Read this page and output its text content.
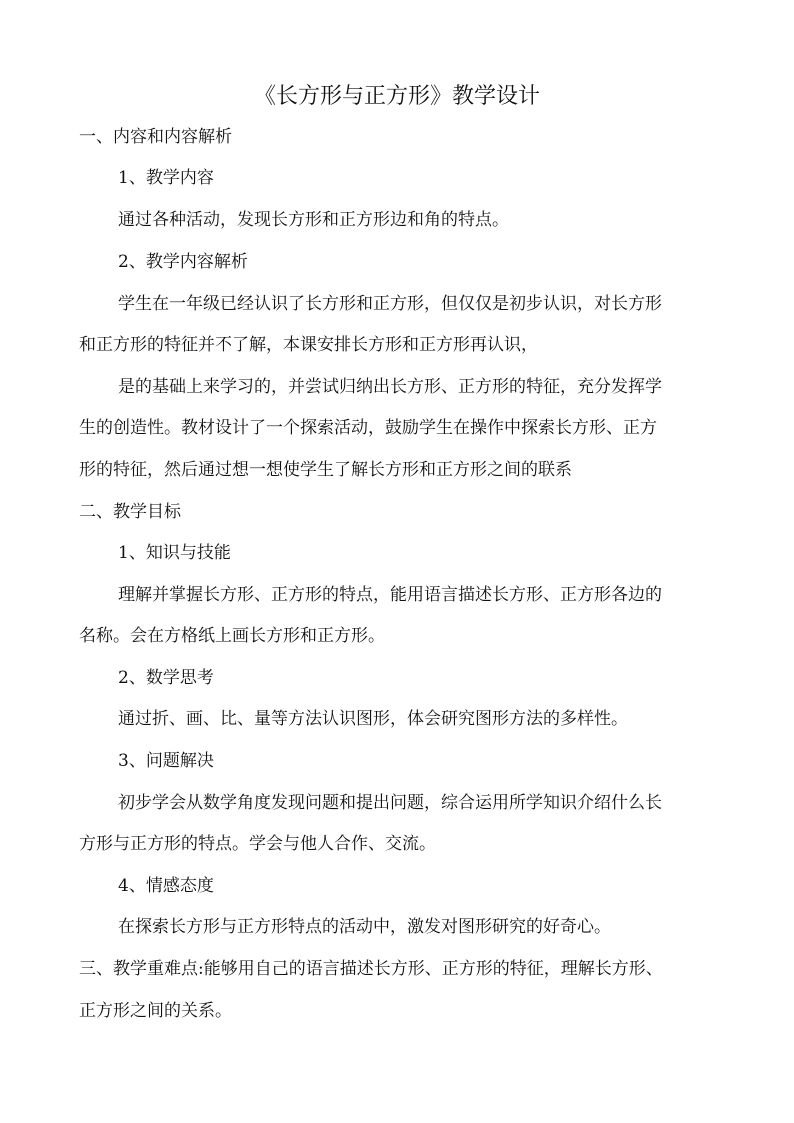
《长方形与正方形》教学设计
一、内容和内容解析
1、教学内容
通过各种活动，发现长方形和正方形边和角的特点。
2、教学内容解析
学生在一年级已经认识了长方形和正方形，但仅仅是初步认识，对长方形
和正方形的特征并不了解，本课安排长方形和正方形再认识，
是的基础上来学习的，并尝试归纳出长方形、正方形的特征，充分发挥学
生的创造性。教材设计了一个探索活动，鼓励学生在操作中探索长方形、正方
形的特征，然后通过想一想使学生了解长方形和正方形之间的联系
二、教学目标
1、知识与技能
理解并掌握长方形、正方形的特点，能用语言描述长方形、正方形各边的
名称。会在方格纸上画长方形和正方形。
2、数学思考
通过折、画、比、量等方法认识图形，体会研究图形方法的多样性。
3、问题解决
初步学会从数学角度发现问题和提出问题，综合运用所学知识介绍什么长
方形与正方形的特点。学会与他人合作、交流。
4、情感态度
在探索长方形与正方形特点的活动中，激发对图形研究的好奇心。
三、教学重难点:能够用自己的语言描述长方形、正方形的特征，理解长方形、
正方形之间的关系。
